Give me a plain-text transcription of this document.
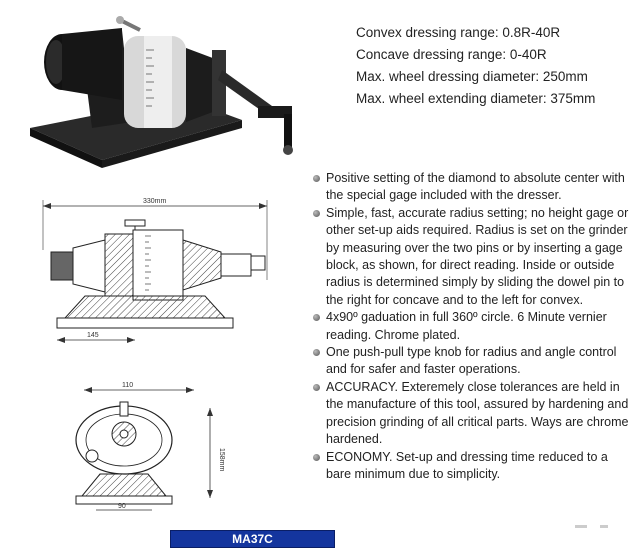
330mm
145
110
158mm
90
Convex dressing range: 0.8R-40R
Concave dressing range: 0-40R
Max. wheel dressing diameter: 250mm
Max. wheel extending diameter: 375mm
Positive setting of the diamond to absolute center with the special gage included with the dresser.
Simple, fast, accurate radius setting; no height gage or other set-up aids required. Radius is set on the grinder by measuring over the two pins or by inserting a gage block, as shown, for direct reading. Inside or outside radius is determined simply by sliding the dowel pin to the right for concave and to the left for convex.
4x90º gaduation in full 360º circle. 6 Minute vernier reading. Chrome plated.
One push-pull type knob for radius and angle control and for safer and faster operations.
ACCURACY. Exteremely close tolerances are held in the manufacture of this tool, assured by hardening and precision grinding of all critical parts. Ways are chrome hardened.
ECONOMY. Set-up and dressing time reduced to a bare minimum due to simplicity.
MA37C
